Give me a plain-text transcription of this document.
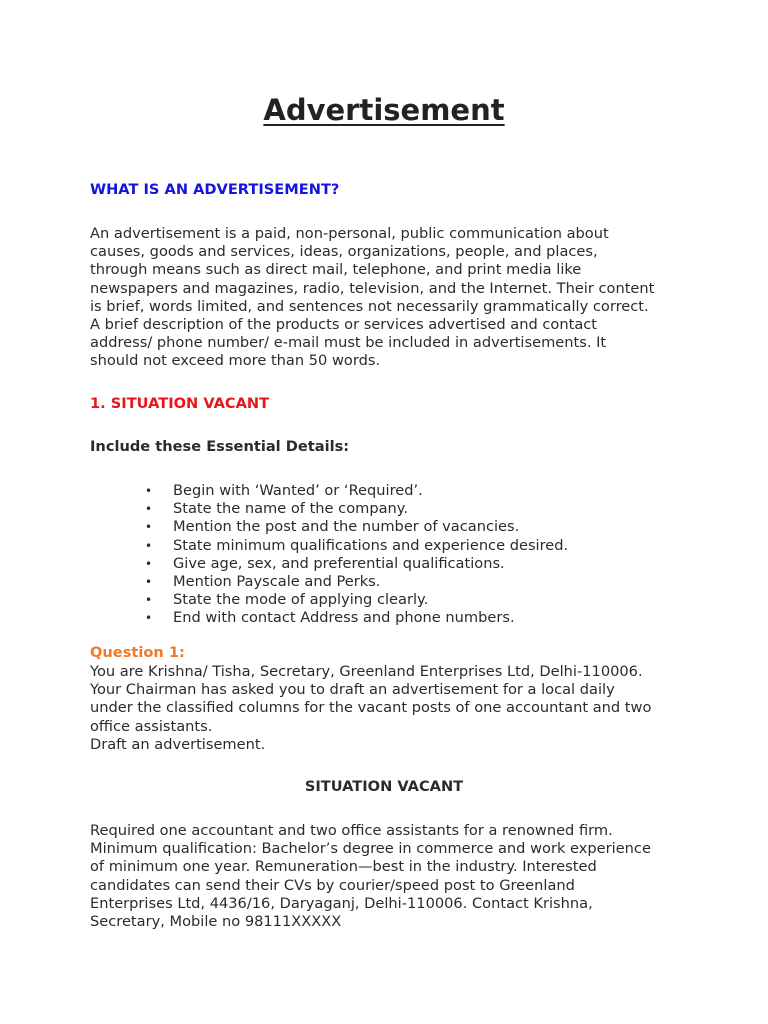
Advertisement
WHAT IS AN ADVERTISEMENT?
An advertisement is a paid, non-personal, public communication about
causes, goods and services, ideas, organizations, people, and places,
through means such as direct mail, telephone, and print media like
newspapers and magazines, radio, television, and the Internet. Their content
is brief, words limited, and sentences not necessarily grammatically correct.
A brief description of the products or services advertised and contact
address/ phone number/ e-mail must be included in advertisements. It
should not exceed more than 50 words.
1. SITUATION VACANT
Include these Essential Details:
• Begin with ‘Wanted’ or ‘Required’.
• State the name of the company.
• Mention the post and the number of vacancies.
• State minimum qualifications and experience desired.
• Give age, sex, and preferential qualifications.
• Mention Payscale and Perks.
• State the mode of applying clearly.
• End with contact Address and phone numbers.
Question 1:
You are Krishna/ Tisha, Secretary, Greenland Enterprises Ltd, Delhi-110006.
Your Chairman has asked you to draft an advertisement for a local daily
under the classified columns for the vacant posts of one accountant and two
office assistants.
Draft an advertisement.
SITUATION VACANT
Required one accountant and two office assistants for a renowned firm.
Minimum qualification: Bachelor’s degree in commerce and work experience
of minimum one year. Remuneration—best in the industry. Interested
candidates can send their CVs by courier/speed post to Greenland
Enterprises Ltd, 4436/16, Daryaganj, Delhi-110006. Contact Krishna,
Secretary, Mobile no 98111XXXXX
